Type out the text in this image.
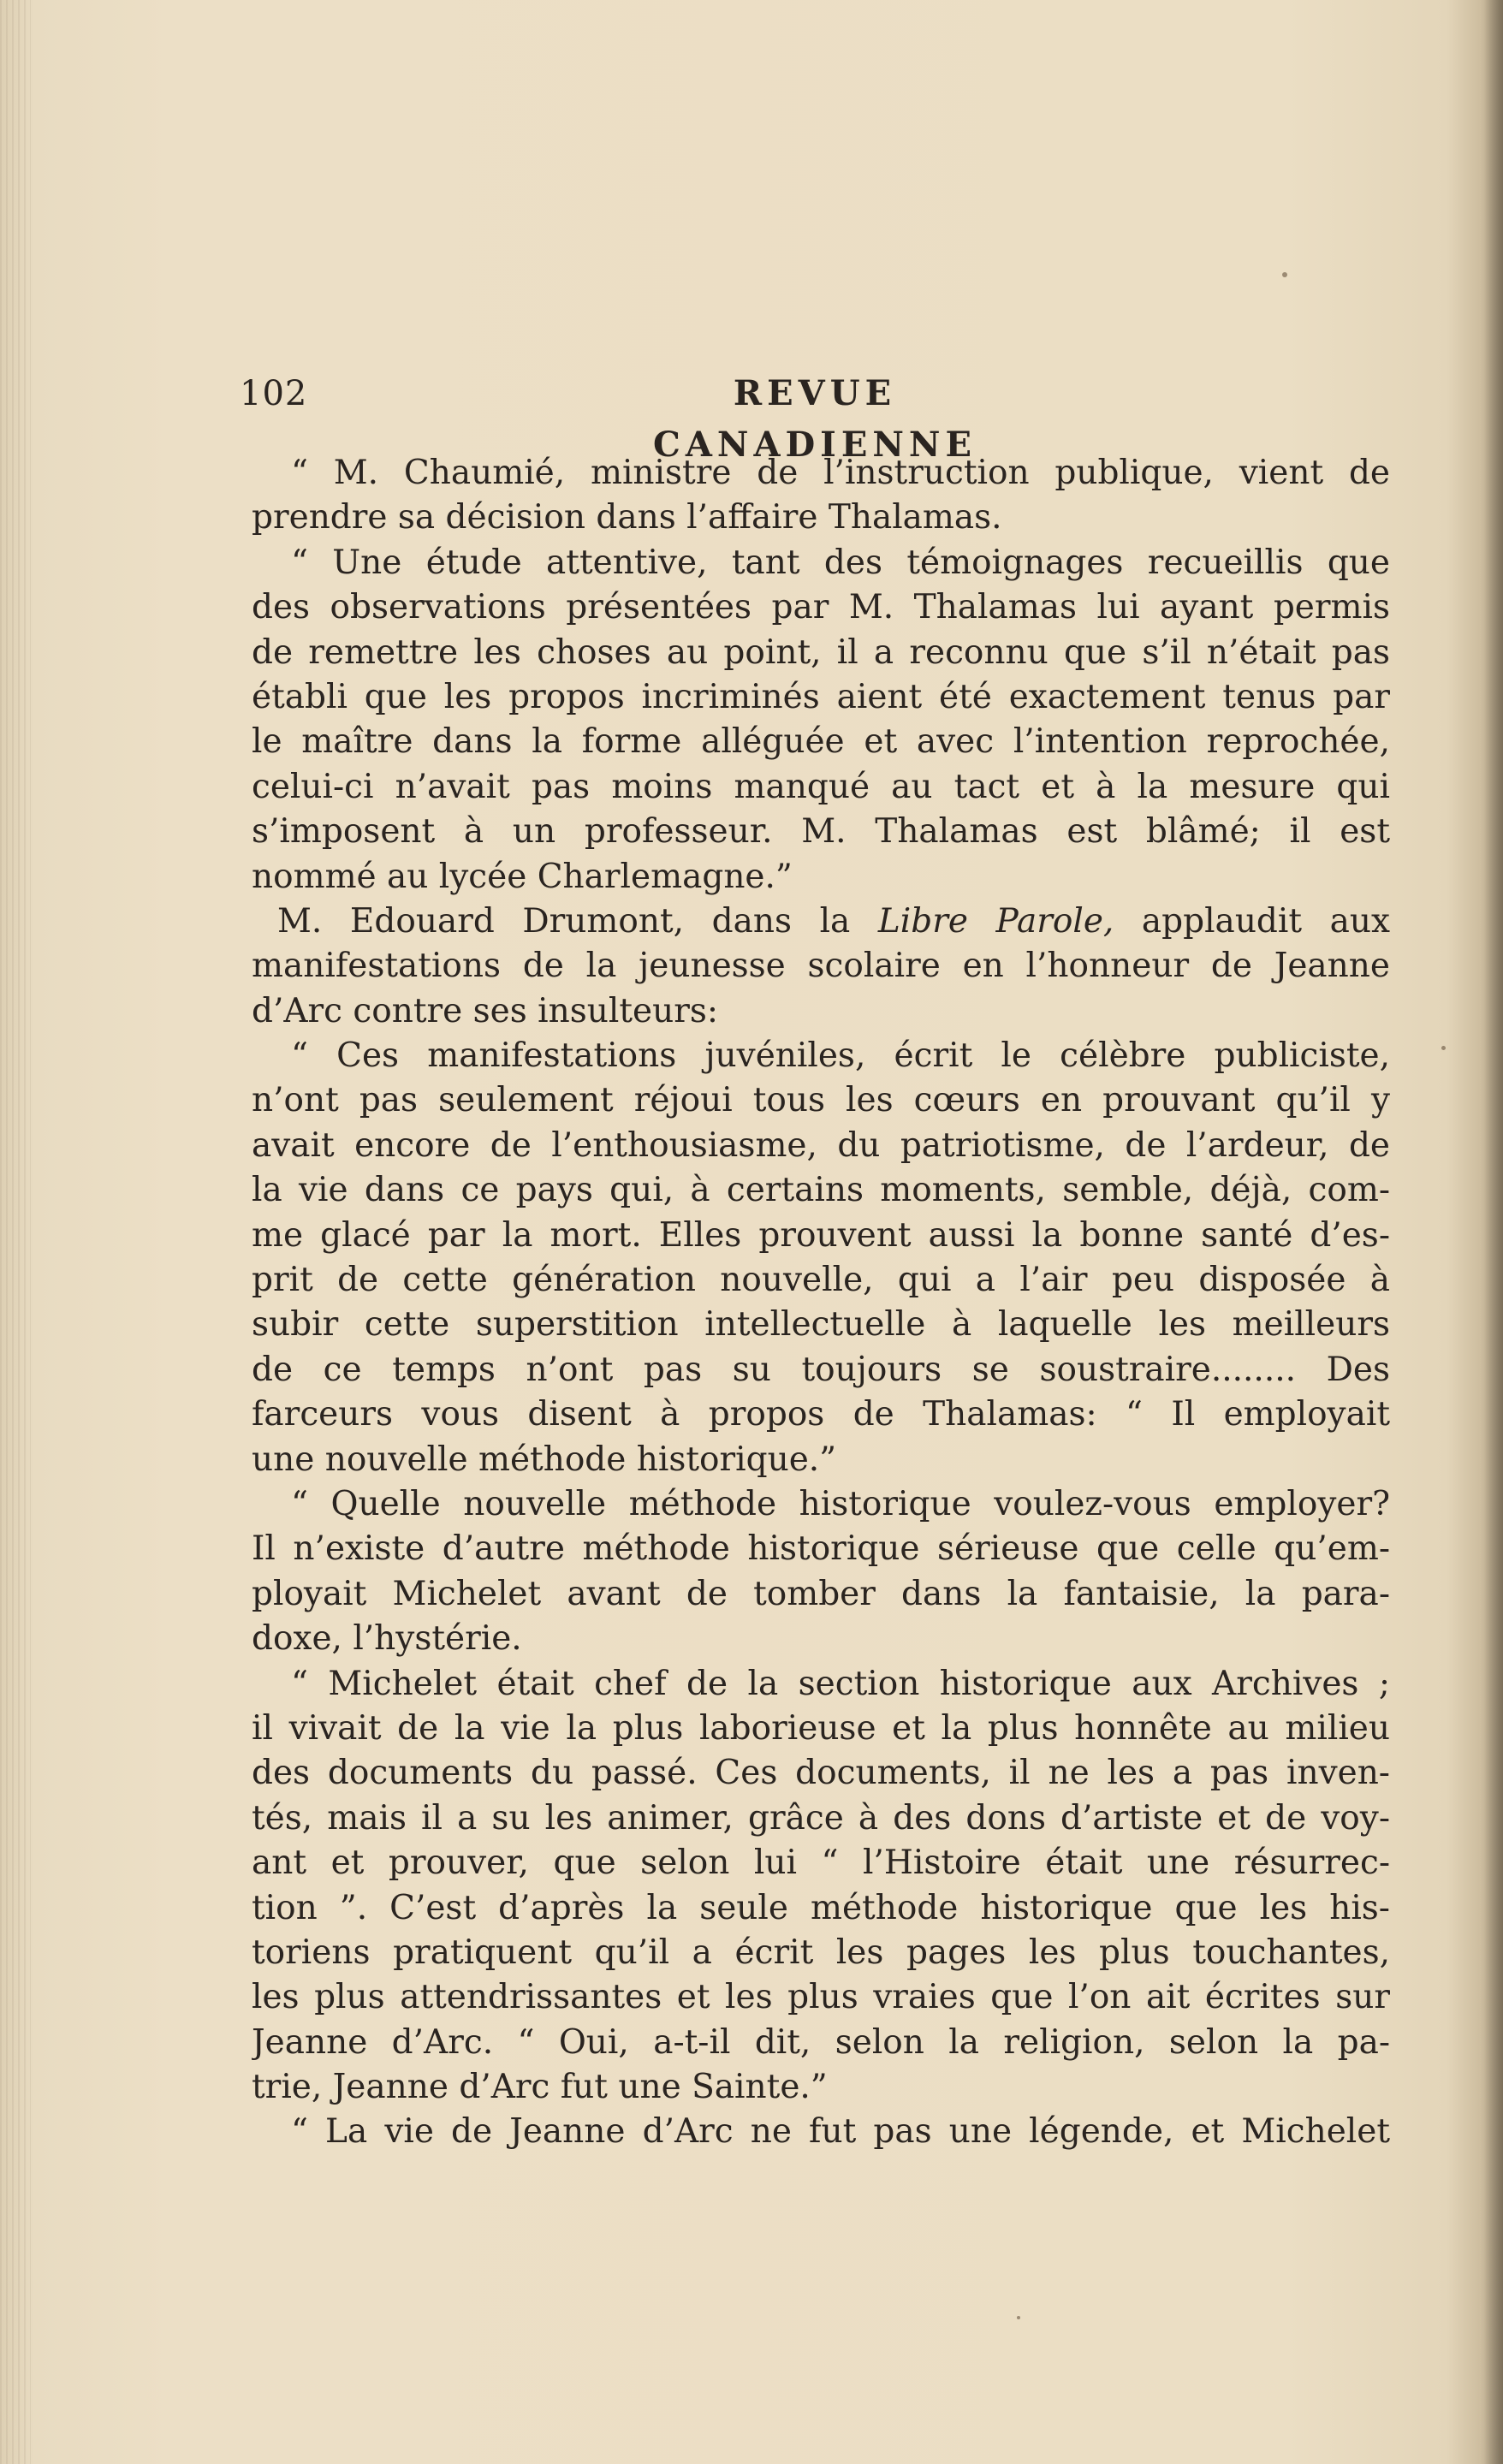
102	REVUE CANADIENNE
“ M. Chaumié, ministre de l’instruction publique, vient de
prendre sa décision dans l’affaire Thalamas.
“ Une étude attentive, tant des témoignages recueillis que
des observations présentées par M. Thalamas lui ayant permis
de remettre les choses au point, il a reconnu que s’il n’était pas
établi que les propos incriminés aient été exactement tenus par
le maître dans la forme alléguée et avec l’intention reprochée,
celui-ci n’avait pas moins manqué au tact et à la mesure qui
s’imposent à un professeur. M. Thalamas est blâmé; il est
nommé au lycée Charlemagne.”
M. Edouard Drumont, dans la Libre Parole, applaudit aux
manifestations de la jeunesse scolaire en l’honneur de Jeanne
d’Arc contre ses insulteurs:
“ Ces manifestations juvéniles, écrit le célèbre publiciste,
n’ont pas seulement réjoui tous les cœurs en prouvant qu’il y
avait encore de l’enthousiasme, du patriotisme, de l’ardeur, de
la vie dans ce pays qui, à certains moments, semble, déjà, com-
me glacé par la mort. Elles prouvent aussi la bonne santé d’es-
prit de cette génération nouvelle, qui a l’air peu disposée à
subir cette superstition intellectuelle à laquelle les meilleurs
de ce temps n’ont pas su toujours se soustraire........ Des
farceurs vous disent à propos de Thalamas: “ Il employait
une nouvelle méthode historique.”
“ Quelle nouvelle méthode historique voulez-vous employer?
Il n’existe d’autre méthode historique sérieuse que celle qu’em-
ployait Michelet avant de tomber dans la fantaisie, la para-
doxe, l’hystérie.
“ Michelet était chef de la section historique aux Archives ;
il vivait de la vie la plus laborieuse et la plus honnête au milieu
des documents du passé. Ces documents, il ne les a pas inven-
tés, mais il a su les animer, grâce à des dons d’artiste et de voy-
ant et prouver, que selon lui “ l’Histoire était une résurrec-
tion ”. C’est d’après la seule méthode historique que les his-
toriens pratiquent qu’il a écrit les pages les plus touchantes,
les plus attendrissantes et les plus vraies que l’on ait écrites sur
Jeanne d’Arc. “ Oui, a-t-il dit, selon la religion, selon la pa-
trie, Jeanne d’Arc fut une Sainte.”
“ La vie de Jeanne d’Arc ne fut pas une légende, et Michelet
